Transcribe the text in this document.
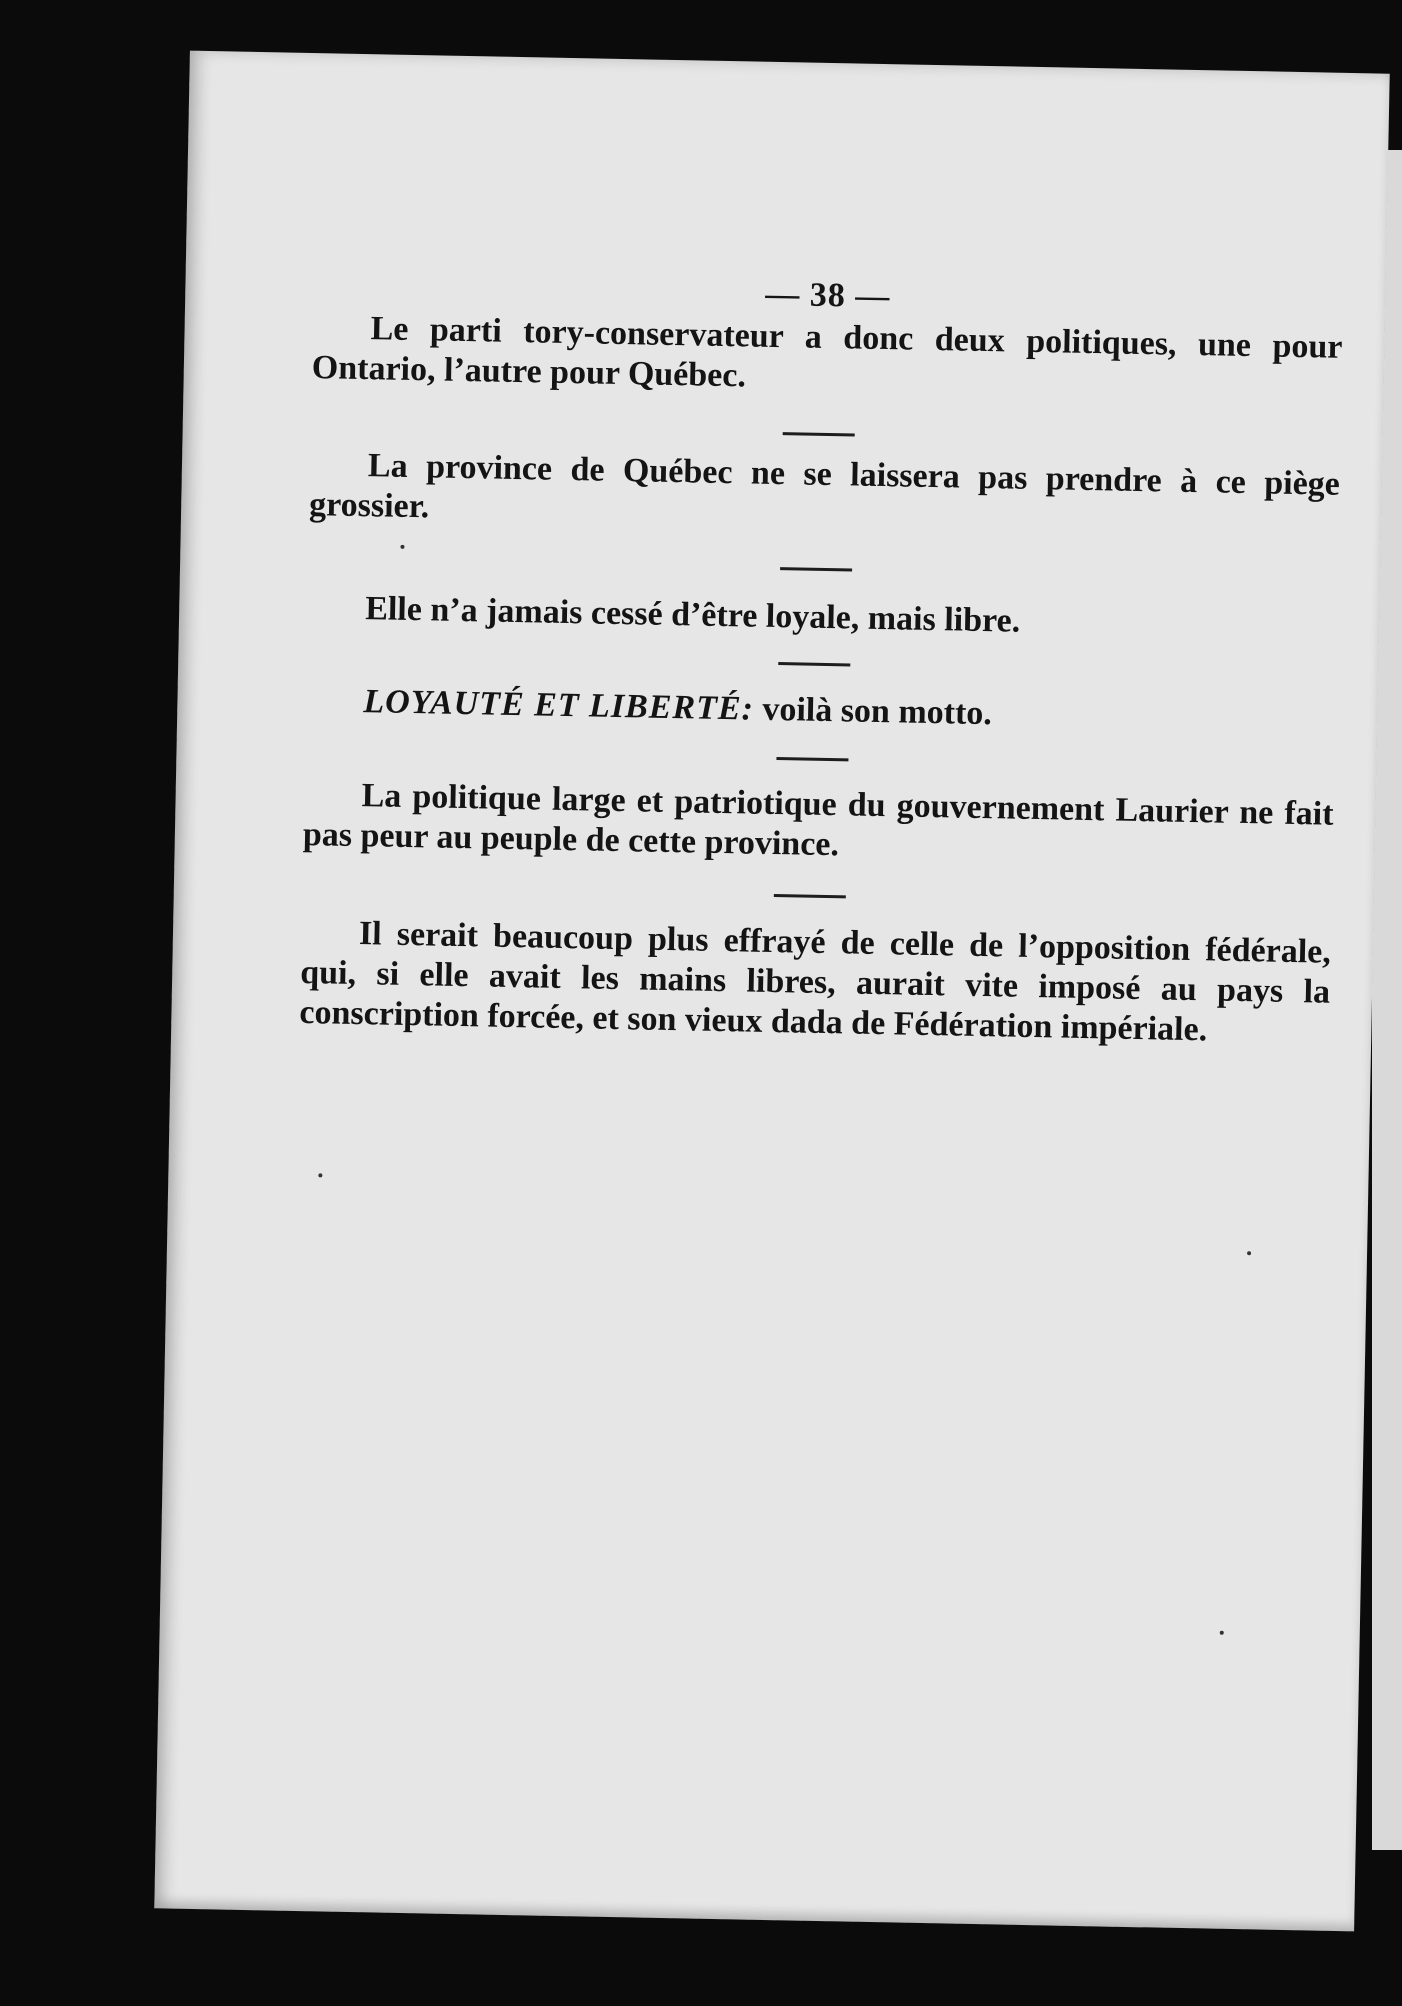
— 38 —

Le parti tory-conservateur a donc deux politiques, une pour Ontario, l’autre pour Québec.

La province de Québec ne se laissera pas prendre à ce piège grossier.

Elle n’a jamais cessé d’être loyale, mais libre.

LOYAUTÉ ET LIBERTÉ: voilà son motto.

La politique large et patriotique du gouvernement Laurier ne fait pas peur au peuple de cette province.

Il serait beaucoup plus effrayé de celle de l’opposition fédérale, qui, si elle avait les mains libres, aurait vite imposé au pays la conscription forcée, et son vieux dada de Fédération impériale.
